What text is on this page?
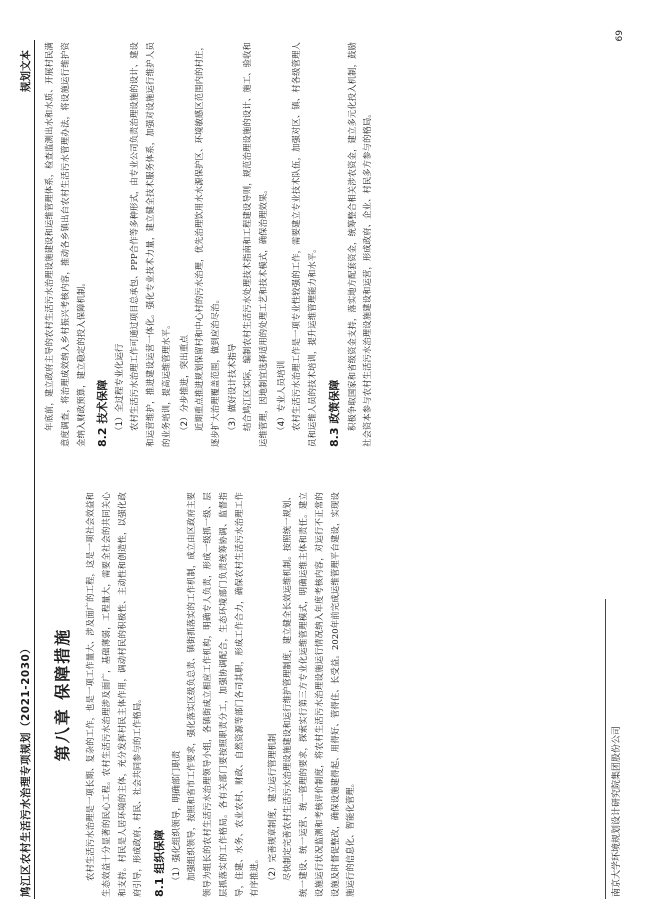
鸠江区农村生活污水治理专项规划（2021-2030）
规划文本
第八章 保障措施 农村生活污水治理是一项长期、复杂的工作，也是一项工作量大、涉及面广的工程，这是一项社会效益和生态效益十分显著的民心工程。农村生活污水治理涉及面广，基础薄弱，工程量大，需要全社会的共同关心和支持。村民是人居环境的主体，充分发挥村民主体作用，调动村民的积极性、主动性和创造性，以强化政府引导，形成政府、村民、社会共同参与的工作格局。 8.1 组织保障 （1）强化组织领导，明确部门职责 加强组织领导，按照和省市工作要求，强化落实区级负总责、镇街抓落实的工作机制，成立由区政府主要领导为组长的农村生活污水治理领导小组，各镇街成立相应工作机构，明确专人负责，形成一级抓一级、层层抓落实的工作格局。各有关部门要按照职责分工，加强协调配合，生态环境部门负责统筹协调、监督指导，住建、水务、农业农村、财政、自然资源等部门各司其职，形成工作合力，确保农村生活污水治理工作有序推进。	（2）完善规章制度，建立运行管理机制 尽快制定完善农村生活污水治理设施建设和运行维护管理制度，建立健全长效运维机制。按照统一规划、统一建设、统一运营、统一管理的要求，探索实行第三方专业化运维管理模式，明确运维主体和责任。建立设施运行状况监测和考核评价制度，将农村生活污水治理设施运行情况纳入年度考核内容，对运行不正常的设施及时督促整改，确保设施建得起、用得好、管得住、长受益。2020年前完成运维管理平台建设，实现设施运行的信息化、智能化管理。

年底前，建立政府主导的农村生活污水治理设施建设和运维管理体系，检查监测出水和水质、开展村民满意度调查，将治理成效纳入乡村振兴考核内容，推动各乡镇出台农村生活污水管理办法，将设施运行维护资金纳入财政预算，建立稳定的投入保障机制。 8.2 技术保障 （1）全过程专业化运行 农村生活污水治理工作可通过项目总承包、PPP合作等多种形式，由专业公司负责治理设施的设计、建设和运营维护，推进建设运营一体化。强化专业技术力量，建立健全技术服务体系，加强对设施运行维护人员的业务培训，提高运维管理水平。	（2）分步推进，突出重点 近期重点推进规划保留村和中心村的污水治理，优先治理饮用水水源保护区、环境敏感区范围内的村庄，逐步扩大治理覆盖范围，做到应治尽治。	（3）做好设计技术指导 结合鸠江区实际，编制农村生活污水处理技术指南和工程建设导则，规范治理设施的设计、施工、验收和运维管理，因地制宜选择适用的处理工艺和技术模式，确保治理效果。	（4）专业人员培训 农村生活污水治理工作是一项专业性较强的工作，需要建立专业技术队伍，加强对区、镇、村各级管理人员和运维人员的技术培训，提升运维管理能力和水平。 8.3 政策保障 积极争取国家和省级资金支持，落实地方配套资金，统筹整合相关涉农资金，建立多元化投入机制，鼓励社会资本参与农村生活污水治理设施建设和运营，形成政府、企业、村民多方参与的格局。

南京大学环境规划设计研究院集团股份公司
69
